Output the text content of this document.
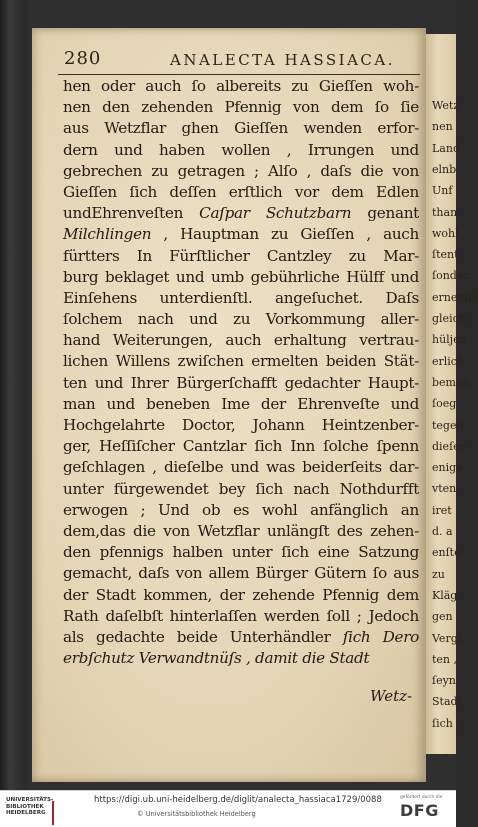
Wetz
nen
Land
elnb
Unf
than
wohl
ſtent
ſonder
ernenne
gleich
hüljen
erlich
bemeh
ſoeg
tegen
dieſer
enige
vten.
iret
d. a
enſte
zu
Kläg
gen
Vergl
ten ,
ſeyn
Stadt
ſich ,
280	ANALECTA HASSIACA.
hen oder auch ſo albereits zu Gieſſen woh-
nen den zehenden Pfennig von dem ſo ſie
aus Wetzflar ghen Gieſſen wenden erfor-
dern und haben wollen , Irrungen und
gebrechen zu getragen ; Alſo , daſs die von
Gieſſen ſich deſſen erſtlich vor dem Edlen
undEhrenveſten Caſpar Schutzbarn genant
Milchlingen , Hauptman zu Gieſſen , auch
fürtters In Fürſtlicher Cantzley zu Mar-
burg beklaget und umb gebührliche Hülff und
Einſehens unterdienſtl. angeſuchet. Daſs
ſolchem nach und zu Vorkommung aller-
hand Weiterungen, auch erhaltung vertrau-
lichen Willens zwiſchen ermelten beiden Stät-
ten und Ihrer Bürgerſchafft gedachter Haupt-
man und beneben Ime der Ehrenveſte und
Hochgelahrte Doctor, Johann Heintzenber-
ger, Heſſiſcher Cantzlar ſich Inn ſolche ſpenn
geſchlagen , dieſelbe und was beiderſeits dar-
unter fürgewendet bey ſich nach Nothdurfft
erwogen ; Und ob es wohl anfänglich an
dem,das die von Wetzflar unlängſt des zehen-
den pfennigs halben unter ſich eine Satzung
gemacht, daſs von allem Bürger Gütern ſo aus
der Stadt kommen, der zehende Pfennig dem
Rath daſelbſt hinterlaſſen werden ſoll ; Jedoch
als gedachte beide Unterhändler ſich Dero
erbſchutz Verwandtnüſs , damit die Stadt
Wetz-
UNIVERSITÄTS-
BIBLIOTHEK
HEIDELBERG
https://digi.ub.uni-heidelberg.de/diglit/analecta_hassiaca1729/0088
© Universitätsbibliothek Heidelberg
gefördert durch die
DFG
